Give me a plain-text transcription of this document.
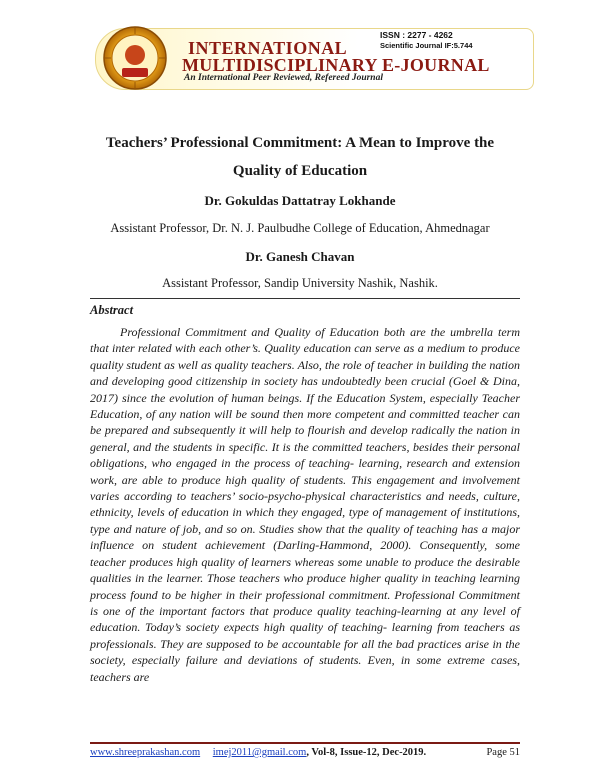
INTERNATIONAL
MULTIDISCIPLINARY E-JOURNAL
An International Peer Reviewed, Refereed Journal
ISSN : 2277 - 4262
Scientific Journal IF:5.744
Teachers’ Professional Commitment: A Mean to Improve the
Quality of Education
Dr. Gokuldas Dattatray Lokhande
Assistant Professor, Dr. N. J. Paulbudhe College of Education, Ahmednagar
Dr. Ganesh Chavan
Assistant Professor, Sandip University Nashik, Nashik.
Abstract

Professional Commitment and Quality of Education both are the umbrella term that inter related with each other’s. Quality education can serve as a medium to produce quality student as well as quality teachers. Also, the role of teacher in building the nation and developing good citizenship in society has undoubtedly been crucial (Goel & Dina, 2017) since the evolution of human beings. If the Education System, especially Teacher Education, of any nation will be sound then more competent and committed teacher can be prepared and subsequently it will help to flourish and develop radically the nation in general, and the students in specific. It is the committed teachers, besides their personal obligations, who engaged in the process of teaching- learning, research and extension work, are able to produce high quality of students. This engagement and involvement varies according to teachers’ socio-psycho-physical characteristics and needs, culture, ethnicity, levels of education in which they engaged, type of management of institutions, type and nature of job, and so on. Studies show that the quality of teaching has a major influence on student achievement (Darling-Hammond, 2000). Consequently, some teacher produces high quality of learners whereas some unable to produce the desirable qualities in the learner. Those teachers who produce higher quality in teaching learning process found to be higher in their professional commitment. Professional Commitment is one of the important factors that produce quality teaching-learning at any level of education. Today’s society expects high quality of teaching- learning from teachers as professionals. They are supposed to be accountable for all the bad practices arise in the society, especially failure and deviations of students. Even, in some extreme cases, teachers are

www.shreeprakashan.com imej2011@gmail.com, Vol-8, Issue-12, Dec-2019.	Page 51
